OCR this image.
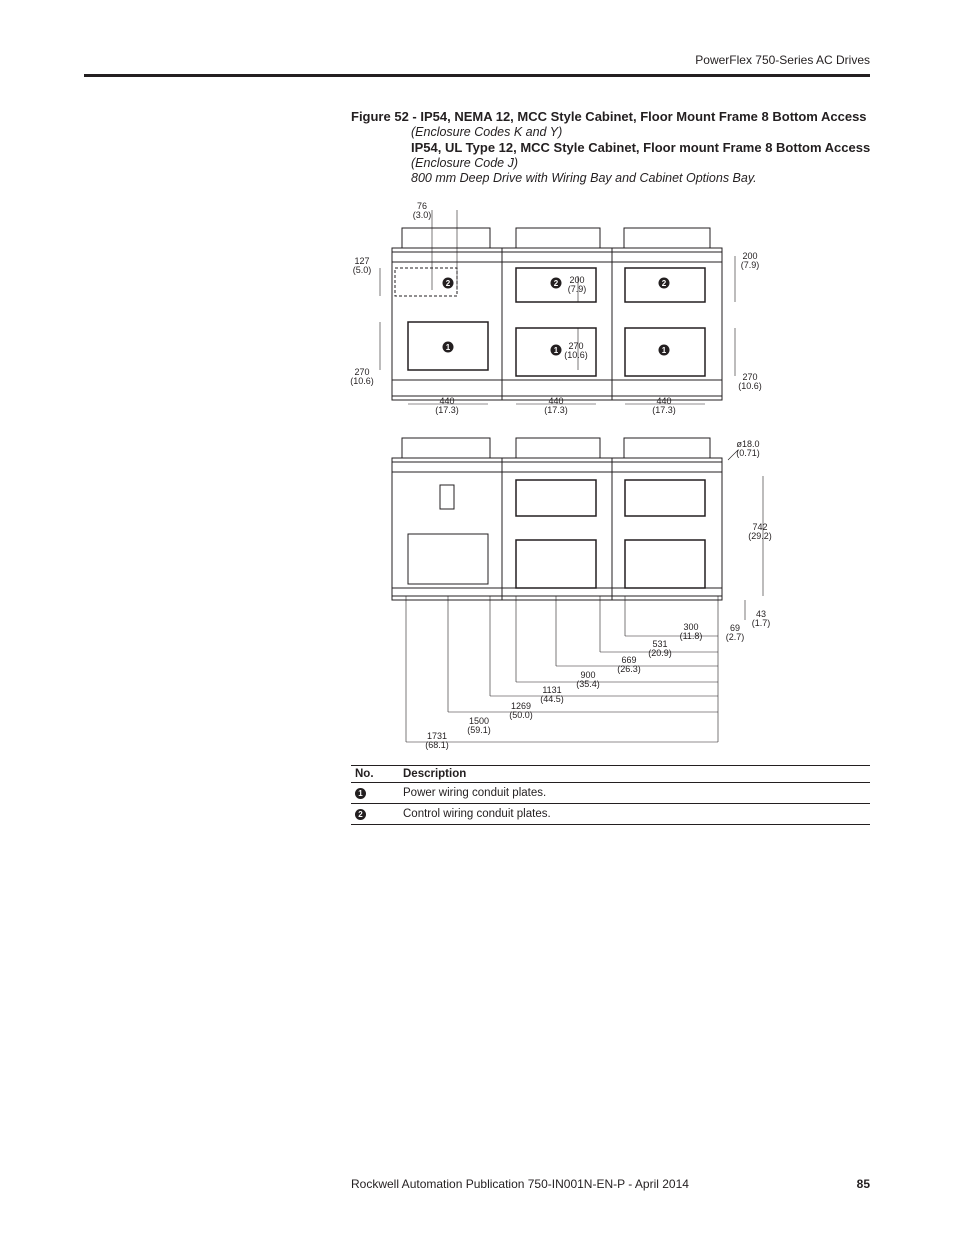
PowerFlex 750-Series AC Drives
Figure 52 - IP54, NEMA 12, MCC Style Cabinet, Floor Mount Frame 8 Bottom Access
(Enclosure Codes K and Y)
IP54, UL Type 12, MCC Style Cabinet, Floor mount Frame 8 Bottom Access
(Enclosure Code J)
800 mm Deep Drive with Wiring Bay and Cabinet Options Bay.
2	2	2
1	1	1
76
(3.0)
127
(5.0)
200
(7.9)
200
(7.9)
270
(10.6)
270
(10.6)
270
(10.6)
440
(17.3)
440
(17.3)
440
(17.3)
ø18.0
(0.71)
742
(29.2)
43
(1.7)
69
(2.7)
300
(11.8)
531
(20.9)
669
(26.3)
900
(35.4)
1131
(44.5)
1269
(50.0)
1500
(59.1)
1731
(68.1)
No.	Description
1	Power wiring conduit plates.
2	Control wiring conduit plates.
Rockwell Automation Publication 750-IN001N-EN-P - April 2014	85
